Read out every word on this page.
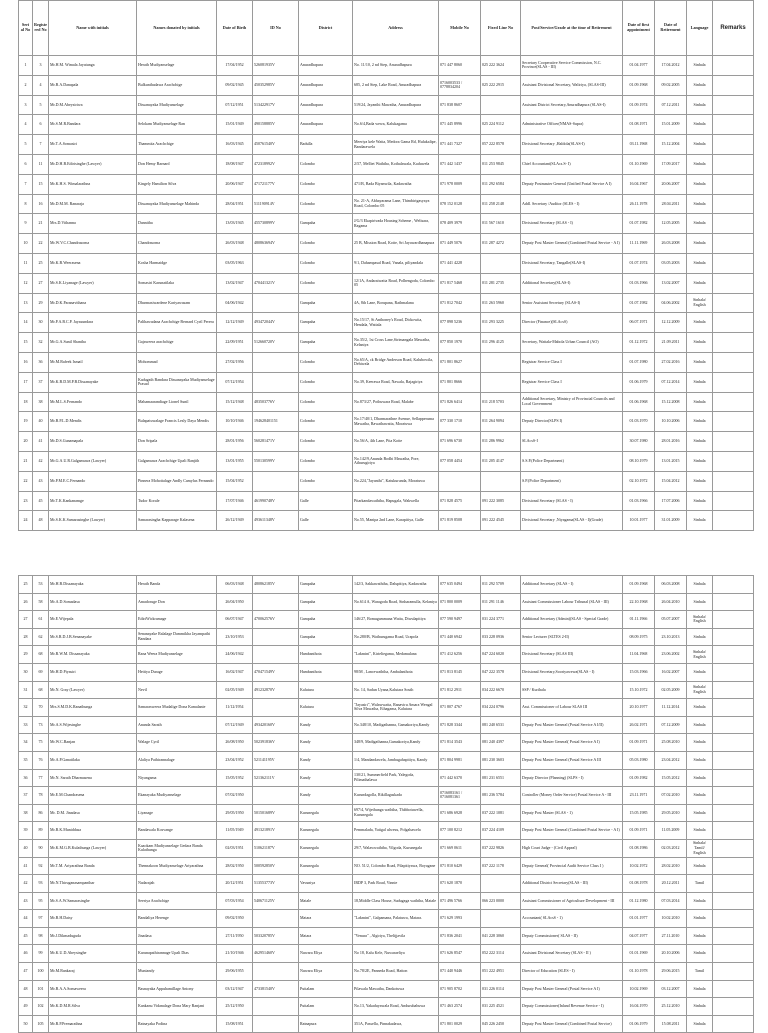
Seri al No	Registe red No	Name with initials	Names donated by initials	Date of Birth	ID No	District	Address	Mobile No	Fixed Line No	Post/Service/Grade at the time of Retirement	Date of first appointment	Date of Retirement	Language	Remarks
1	3	Mr.H.M. Wimala Jayatunga	Herath Mudiyanselage	17/04/1952	526081935V	Anuradhapura	No. 11/10, 2 nd Step, Anuradhapura	071 447 8060	025 222 3624	Secretary Cooperative Service Commission, N.C. Province(SLAS - III)	01.04.1977	17.04.2012	Sinhala	
2	4	Mr.B.A.Danapala	Bulkunthadawa Arachchige	09/02/1945	450352985V	Anuradhapura	685, 2 nd Step, Lake Road, Anuradhapura	0716003533 / 0778834204	025 222 2915	Assistant Divisional Secretary, Waliriya, (SLAS-III)	01.09.1968	09.02.2005	Sinhala	
3	5	Mr.D.M.Abeysiriwa	Dissanayaka Mudiyanselage	07/12/1951	513422917V	Anuradhapura	519/24, Jayanthi Mawatha, Anuradhapura	071 838 8607		Assistant District Secretary,Anuradhapura (SLAS-I)	01.09.1974	07.12.2011	Sinhala	
4	6	Mr.S.M.R.Bandara	Selokam Mudiyanselage Ran	15/01/1949	490158885V	Anuradhapura	No.6/4,Bada wewa, Kalukagama	071 445 8996	025 224 9112	Administrative Officer(NMAS-Supra)	01.08.1971	15.01.2009	Sinhala	
5	7	Mr.T.A.Somasiri	Thammita Arachchige	16/03/1945	450761540V	Badulla	Meeriya kele Watta, Medora Gama Rd, Hulukalipe, Bandarawela	071 441 7327	057 222 8578	Divisional Secretary ,Haldola(SLAS-I)	03.11.1968	15.12.2004	Sinhala	
6	11	Mr.D.H.B.Edirisinghe (Lawyer)	Don Hemy Barnard	18/08/1947	472318992V	Colombo	2/57, Melliet Waththa, Kothalawala, Kaduwela	071 442 1437	011 253 9845	Chief Accountant(SLAcs.S- I)	01.10.1969	17.09.2017	Sinhala	
7	15	Mr.K.H.S. Wimalarathna	Kingely Hamilton Silva	20/06/1947	471721177V	Colombo	471/B, Bada Biyanwila, Kadawatha	071 978 0009	011 292 6584	Deputy Postmaster General (Unified Postal Service A I)	16.04.1967	20.06.2007	Sinhala	
8	16	Mr.D.M.M. Ranaraja	Dissanayaka Mudiyanselage Mahinda	28/04/1951	511190914V	Colombo	No. 21-A, Abhayarama Lane, Thimbirigasyaya Road, Colombo 05	078 152 0128	011 258 2148	Addl. Secretary /Auditor (SLES - I)	26.11.1978	28.04.2011	Sinhala	
9	21	Mrs.D.Vithanna	Dannitha	13/03/1945	455730899V	Gampaha	J/G/3 Ekapirivada Housing Scheme , Welisara, Ragama	078 409 3979	011 567 1610	Divisional Secretary (SLAS - I)	01.07.1982	12.05.2005	Sinhala	
10	22	Mr.W.V.C.Chandrasoma	Chandrasoma	26/03/1948	480863694V	Colombo	25 B, Mission Road, Kotte, Sri Jayawardhanapura	071 449 5076	011 287 4272	Deputy Post Master General (Combined Postal Service - A I)	11.11.1969	26.03.2008	Sinhala	
11	25	Mr.K.B.Weerasena	Kosha Harmaidge	03/05/1963		Colombo	9/1, Dahampasal Road, Vanala, piliyandala	071 441 4228		Divisional Secretary, Tangalle(SLAS-I)	01.07.1974	03.05.2003	Sinhala	
12	27	Mr.S.K.Liyanage (Lawyer)	Somasiri Karunatilaka	13/02/1947	470441321V	Colombo	12/1A, Andaraiwatta Road, Polhengoda, Colombo 05	071 817 5468	011 281 2735	Additional Secretary(SLAS-I)	01.03.1966	13.02.2007	Sinhala	
13	29	Mr.D.K.Paranavithana	Dharmasiwardene Kariyawasam	04/06/1942		Gampaha	4A, 8th Lane, Borupana, Rathmalana	071 812 7042	011 263 5960	Senior Assistant Secretary (SLAS-I)	01.07.1982	04.06.2002	Sinhala/ English	
14	30	Mr.P.A.B.C.P. Jayasundara	Palihawadana Arachchige Bernard Cyril Perera	12/12/1949	493472044V	Gampaha	No.15/17, St Anthoney's Road, Dickowita, Hendala, Wattala	077 898 5236	011 293 3225	Director (Finance)(SLAcsS)	06.07.1971	12.12.2009	Sinhala	
15	32	Mr.G.A.Sunil Shantha	Gajaweera arachchige	22/09/1951	512660720V	Gampaha	No.35/2, 1st Cross Lane,Sirimangala Mawatha, Kelaniya	077 850 1970	011 296 4125	Secretary, Wattala-Mabola Urban Council (AO)	01.12.1972	21.09.2011	Sinhala	
16	36	Mr.M.Rafeek Ismail	Mohommad	27/02/1956		Colombo	No.65/A, ck Bridge Anderson Road, Kalubowila, Dehiwala	071 801 8627		Registrar Service Class I	01.07.1980	27.02.2016	Sinhala	
17	37	Mr.K.B.D.M.P.B.Dissanayake	Kadugath Bandara Dissanayaka Mudiyanselage Prasad	07/12/1954		Colombo	No.39, Keerawa Road, Nawala, Rajagiriya	071 801 8666		Registrar Service Class I	01.06.1979	07.12.2014	Sinhala	
18	38	Mr.M.L.S.Fernando	Mahamaarandiage Lionel Sunil	15/12/1948	483503776V	Colombo	No.873/27, Pothuwara Road, Malabe	071 826 6414	011 218 5703	Additional Secretary, Ministry of Provincial Councils and Local Government	01.06.1968	15.12.2008	Sinhala	
19	40	Mr.B.P.L.D.Mendis	Bulapatuwalage Francis Lesly Daya Mendis	10/10/1946	194628401151	Colombo	No.17/40/1, Dharmarathne Avenue, Sellapperuma Mawatha, Rawathawatta, Moratuwa	077 330 1710	011 264 9094	Deputy Director(SLPS I)	01.03.1970	10.10.2006	Sinhala	
20	41	Mr.D.S.Gunamapala	Don Sripala	28/01/1956	560281471V	Colombo	No.56/A, 4th Lane, Pita Kotte	071 696 6730	011 286 9962	SLAcsS-I	30.07.1980	28.01.2016	Sinhala	
21	42	Mr.G.A.U.R.Galgamuwa (Lawyer)	Galgamuwa Arachchige Upali Ranjith	13/01/1955	550130599V	Colombo	No.142/9,Ananda Bodhi Mawatha, Pore, Athurugiriya	077 058 4454	011 205 4147	S.S.P.(Police Department)	08.10.1979	13.01.2015	Sinhala	
22	43	Mr.P.M.E.C.Fernando	Pinnera Mohottalage Andly Camylus Fernando	15/04/1952		Colombo	No.224,"Jayanthi", Katukurunda, Moratuwa			S.P.(Police Department)	02.10.1972	15.04.2012	Sinhala	
23	45	Mr.T.K.Kankanamge	Tudor Korale	17/07/1946	461990748V	Galle	Pitarkandawaththa, Hapugala, Wakwella	071 828 4575	091 222 3085	Divisional Secretary (SLAS - I)	01.03.1966	17.07.2006	Sinhala	
24	48	Mr.S.K.K.Samarasinghe (Lawyer)	Samarasingha Kapparage Kalasena	26/12/1949	493611348V	Galle	No.55, Manipa 2nd Lane, Karapitiya, Galle	071 819 8508	091 222 4545	Divisional Secretary ,Niyagama(SLAS - I)(Grade)	10.01.1977	31.01.2009	Sinhala	
25	53	Mr.H.B.Dissanayaka	Herath Banda	06/03/1948	480862185V	Gampaha	142/3, Sakkawaththa, Dalupitiya, Kadawatha	077 635 0494	011 292 5709	Additional Secretary (SLAS - I)	01.09.1968	06.03.2008	Sinhala	
26	58	Mr.A.D.Somadasa	Amadoruge Don	26/04/1950		Gampaha	No.614 A, Waragoda Road, Sinharamulla, Kelaniya	071 800 0009	011 291 1146	Assistant Commissioner Labour Tribunal (SLAS - III)	22.10.1968	26.04.2010	Sinhala	
27	61	Mr.E.Wijepala	EdiriWickramage	06/07/1947	470062576V	Gampaha	146/27, Bomugammana Watta, Diwulapitiya	077 590 9497	031 224 3771	Additional Secretary (Admin)(SLAS - Special Grade)	01.11.1966	05.07.2007	Sinhala/ English	
28	62	Mr.S.R.D.J.B.Senanayake	Senanayake Ralalage Dammikha Jayampathi Bandara	23/10/1953		Gampaha	No.280/B, Wathurugama Road, Urapola	071 440 6942	033 228 0936	Senior Lecturer (SLTES 2-II)	08.09.1975	23.10.2013	Sinhala	
29	68	Mr.R.W.M. Dissanayaka	Rana Weera Mudiyanselage	24/06/1942		Hambanthota	"Lakmini", Kirieliegama, Medamulana	071 412 6256	047 224 6020	Divisional Secretary (SLAS III)	11.04.1968	23.06.2002	Sinhala/ English	
30	69	Mr.H.D.Piyasiri	Hettiya Durage	16/02/1947	470471549V	Hambanthota	98/M , Lancewaththa, Ambalanthota	071 813 8145	047 222 3578	Divisional Secretary,Sooriyawewa(SLAS - I)	15.03.1966	16.02.2007	Sinhala	
31	68	Mr.N. Gray (Lawyer)	Nevil	02/05/1949	491232870V	Kalutara	No. 14, Sadun Uyana,Kalutara South	071 812 2911	034 222 6670	SSP / Kurihala	15.10.1972	02.05.2009	Sinhala/ English	
32	70	Mrs.S.M.D.K.Ranathunga	Samarasweera Mudalige Dona Kamalanie	11/12/1954		Kalutara	"Jayasiri", Walawwatta, Ranaviru Amara Wengal Silva Mawatha, Ethagama, Kalutara	071 807 4767	034 224 0796	Asst. Commissioner of Labour SLAS III	20.10.1977	11.12.2014	Sinhala	
33	73	Mr.A.S.Wijesinghe	Ananda Sarath	07/12/1949	493420160V	Kandy	No.348/10, Madigathanna, Gamakoriya,Kandy	071 828 3344	081 240 6531	Deputy Post Master General (Postal Service A I/II)	26.02.1971	07.12.2009	Sinhala	
34	75	Mr.W.C.Ranjan	Walage Cyril	26/08/1950	502391836V	Kandy	348/9, Madigathanna,Gamakoriya,Kandy	071 814 3543	081 240 4397	Deputy Post Master General( Postal Service A I)	01.09.1971	25.08.2010	Sinhala	
35	76	Mr.A.P.Ganatilaka	Alaliya Pathirannalage	23/04/1952	521141195V	Kandy	1/4, Mandandawela, Jambugahapitiya, Kandy	071 804 9981	081 230 3603	Deputy Post Master General (Postal Service A III	05.03.1980	23.04.2012	Sinhala	
36	77	Mr.N. Sarath Dharmasena	Niyangama	15/05/1952	521362111V	Kandy	130/21, Summerfield Park, Yalegoda, Pilimathalawa	071 442 6370	081 231 6551	Deputy Director (Planning) (SLPS - I)	01.09.1982	15.05.2012	Sinhala	
37	78	Mr.E.M.Chandrasena	Ekanayaka Mudiyanselage	07/02/1950		Kandy	Kurundagolla, Rikillagaskada	0716083161 / 0716081361	081 236 5784	Controller (Money Order Service) Postal Service A - III	23.11.1971	07.02.2010	Sinhala	
38	86	Mr. D.M. Jinadasa	Liyanage	29/05/1950	501501689V	Kurunegala	697/4, Wijethunga waththa, Thibbotuwella, Kurunegala	071 686 6928	037 222 1081	Deputy Post Master (SLAS - 1)	15.05.1985	29.05.2010	Sinhala	
39	89	Mr.B.K.Muniddasa	Bandawala Kosvange	11/05/1949	491321891V	Kurunegala	Pemmalada, Yatigal ulwesu, Polgahawela	077 100 8212	037 224 4109	Deputy Post Master General (Combined Postal Service - A I)	01.09.1971	11.05.2009	Sinhala	
40	90	Mr.K.M.G.B.Kulathunga (Lawyer)	Kaaokam Mudiyanselage Gedara Banda Kulathunga	02/03/1951	510621187V	Kurunegala	29/7, Walawwaththa, Vilgoda, Kurunegala	071 669 0611	037 222 9826	High Court Judge - (Civil Appeal)	01.08.1986	02.03.2012	Sinhala/ Tamil/ English	
41	92	Mr.T.M. Ariyarathna Banda	Thennakoon Mudiyanselage Ariyarathna	28/02/1950	500592850V	Kurunegala	NO. 51/2, Colombo Road, Pilapitiyawa, Boyagane	071 810 6429	037 222 1178	Deputy General( Provincial Audit Service Class I )	10.02.1972	28.02.2010	Sinhala	
42	93	Mr.N.Thiruganasampanthar	Nadarajah	20/12/1951	513553773V	Vavuniya	IRDP 3, Park Road, Vinnie	071 620 1870		Additional District Secretary(SLAS - III)	01.08.1978	20.12.2011	Tamil	
43	95	Mr.S.A.W.Samarasinghe	Seeriya Arachchige	07/03/1954	540671125V	Matale	18,Middle Class House, Sudugaga waththa, Matale	071 496 5766	066 223 0000	Assistant Commissioner of Agriculture Development - III	01.12.1980	07.03.2014	Sinhala	
44	97	Mr.B.H.Daisy	Bandaliya Herenge	09/02/1950		Matara	"Lakmini", Galpamana, Palatuwa, Matara.	071 629 1993		Accountant( SLAcsS - 1)	01.01.1977	10.02.2010	Sinhala	
45	98	Mr.J.Dikmaduguda	Jinadasa	27/11/1950	503320785V	Matara	"Venura" , Algiriya, Thelijjavila	071 836 2041	041 228 3060	Deputy Commissioner( SLAS - II)	04.07.1977	27.11.2010	Sinhala	
46	99	Mr.K.U.D.Abeysinghe	Karunapathirannage Upali Dias	21/10/1946	462951460V	Nuwara Eliya	No 18, Kalu Kele, Nuwaraeliya	071 626 8547	052 222 3114	Assistant Divisional Secretary (SLAS - II )	01.01.1969	20.10.2006	Sinhala	
47	100	Mr.M.Rankaraj	Muniandy	29/06/1955		Nuwara Eliya	No.78/2E, Panneda Road, Hatton	071 440 9446	051 222 4951	Director of Education (SLES - I)	01.10.1978	29.06.2015	Tamil	
48	101	Mr.B.A.A.Somaweera	Basnayaka Appuhamillage Antony	03/12/1947	473381540V	Puttalam	Pilawala Mawatha, Dankotuwa	071 905 8702	031 226 0114	Deputy Post Master General (Postal Service A I)	10.02.1969	03.12.2007	Sinhala	
49	102	Mr.K.D.M.R.Silva	Kankanu Vidanalage Dona Mary Ranjani	25/12/1950		Puttalam	No.13, Yakaduyawala Road, Andurubahuwa	071 463 2574	031 225 4521	Deputy Commissioner(Inland Revenue Service - I)	16.04.1970	25.12.2010	Sinhala	
50	105	Mr.R.P.Premarathna	Ratnayaka Podina	15/08/1951		Ratnapura	351A, Passella, Pinnakadawa,	071 801 0029	045 226 2450	Deputy Post Master General (Combined Postal Service)	01.06.1979	15.08.2011	Sinhala	
